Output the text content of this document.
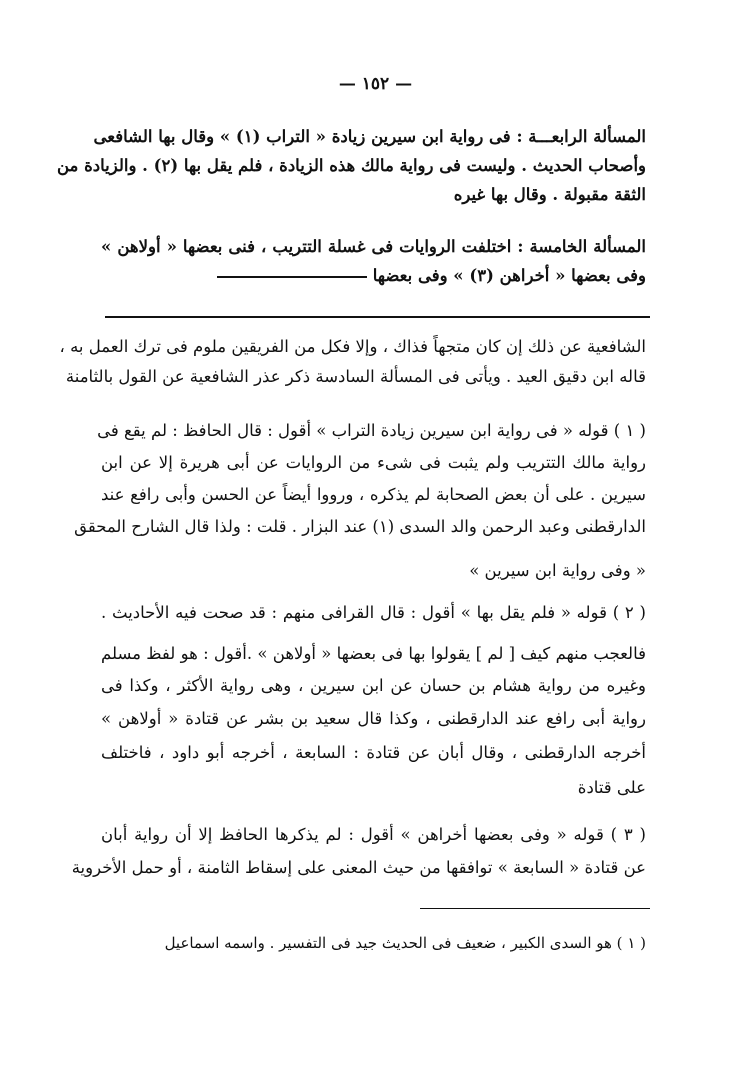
— ١٥٢ —
المسألة الرابعـــة : فى رواية ابن سيرين زيادة « التراب (١) » وقال بها الشافعى
وأصحاب الحديث . وليست فى رواية مالك هذه الزيادة ، فلم يقل بها (٢) . والزيادة من
الثقة مقبولة . وقال بها غيره
المسألة الخامسة : اختلفت الروايات فى غسلة التتريب ، فنى بعضها « أولاهن »
وفى بعضها « أخراهن (٣) » وفى بعضها
الشافعية عن ذلك إن كان متجهاً فذاك ، وإلا فكل من الفريقين ملوم فى ترك العمل به ،
قاله ابن دقيق العيد . ويأتى فى المسألة السادسة ذكر عذر الشافعية عن القول بالثامنة
( ١ ) قوله « فى رواية ابن سيرين زيادة التراب » أقول : قال الحافظ : لم يقع فى
رواية مالك التتريب ولم يثبت فى شىء من الروايات عن أبى هريرة إلا عن ابن
سيرين . على أن بعض الصحابة لم يذكره ، ورووا أيضاً عن الحسن وأبى رافع عند
الدارقطنى وعبد الرحمن والد السدى (١) عند البزار . قلت : ولذا قال الشارح المحقق
« وفى رواية ابن سيرين »
( ٢ ) قوله « فلم يقل بها » أقول : قال القرافى منهم : قد صحت فيه الأحاديث .
فالعجب منهم كيف [ لم ] يقولوا بها فى بعضها « أولاهن » .أقول : هو لفظ مسلم
وغيره من رواية هشام بن حسان عن ابن سيرين ، وهى رواية الأكثر ، وكذا فى
رواية أبى رافع عند الدارقطنى ، وكذا قال سعيد بن بشر عن قتادة « أولاهن »
أخرجه الدارقطنى ، وقال أبان عن قتادة : السابعة ، أخرجه أبو داود ، فاختلف
على قتادة
( ٣ ) قوله « وفى بعضها أخراهن » أقول : لم يذكرها الحافظ إلا أن رواية أبان
عن قتادة « السابعة » توافقها من حيث المعنى على إسقاط الثامنة ، أو حمل الأخروية
( ١ ) هو السدى الكبير ، ضعيف فى الحديث جيد فى التفسير . واسمه اسماعيل
